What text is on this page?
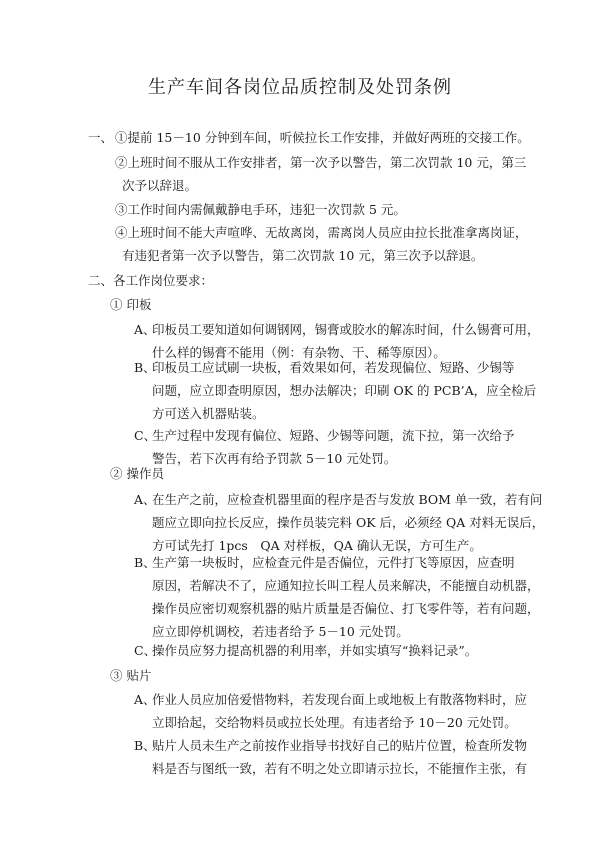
生产车间各岗位品质控制及处罚条例
一、 ①提前 15－10 分钟到车间，听候拉长工作安排，并做好两班的交接工作。
②上班时间不服从工作安排者，第一次予以警告，第二次罚款 10 元，第三
次予以辞退。
③工作时间内需佩戴静电手环，违犯一次罚款 5 元。
④上班时间不能大声喧哗、无故离岗，需离岗人员应由拉长批准拿离岗证，
有违犯者第一次予以警告，第二次罚款 10 元，第三次予以辞退。
二、各工作岗位要求：
① 印板
A、
印板员工要知道如何调钢网，锡膏或胶水的解冻时间，什么锡膏可用，
什么样的锡膏不能用（例：有杂物、干、稀等原因）。
B、
印板员工应试刷一块板，看效果如何，若发现偏位、短路、少锡等
问题，应立即查明原因，想办法解决；印刷 OK 的 PCB’A，应全检后
方可送入机器贴装。
C、
生产过程中发现有偏位、短路、少锡等问题，流下拉，第一次给予
警告，若下次再有给予罚款 5－10 元处罚。
② 操作员
A、
在生产之前，应检查机器里面的程序是否与发放 BOM 单一致，若有问
题应立即向拉长反应，操作员装完料 OK 后，必须经 QA 对料无误后，
方可试先打 1pcs　QA 对样板，QA 确认无误，方可生产。
B、
生产第一块板时，应检查元件是否偏位，元件打飞等原因，应查明
原因，若解决不了，应通知拉长叫工程人员来解决，不能擅自动机器，
操作员应密切观察机器的贴片质量是否偏位、打飞零件等，若有问题，
应立即停机调校，若违者给予 5－10 元处罚。
C、
操作员应努力提高机器的利用率，并如实填写“换料记录”。
③ 贴片
A、
作业人员应加倍爱惜物料，若发现台面上或地板上有散落物料时，应
立即拾起，交给物料员或拉长处理。有违者给予 10－20 元处罚。
B、
贴片人员未生产之前按作业指导书找好自己的贴片位置，检查所发物
料是否与图纸一致，若有不明之处立即请示拉长，不能擅作主张，有
